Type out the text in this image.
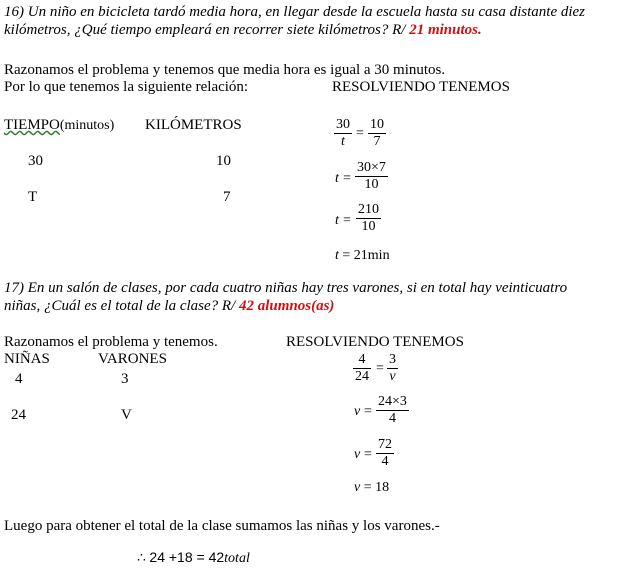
16) Un niño en bicicleta tardó media hora, en llegar desde la escuela hasta su casa distante diez
kilómetros, ¿Qué tiempo empleará en recorrer siete kilómetros? R/ 21 minutos.
Razonamos el problema y tenemos que media hora es igual a 30 minutos.
Por lo que tenemos la siguiente relación:	RESOLVIENDO TENEMOS
TIEMPO(minutos) KILÓMETROS
30	10
T	7
30
t
=
10
7
t =
30×7
10
t =
210
10
t = 21min
17) En un salón de clases, por cada cuatro niñas hay tres varones, si en total hay veinticuatro
niñas, ¿Cuál es el total de la clase? R/ 42 alumnos(as)
Razonamos el problema y tenemos.	RESOLVIENDO TENEMOS
NIÑAS	VARONES
4	3
24	V
4
24
=
3
v
v =
24×3
4
v =
72
4
v = 18
Luego para obtener el total de la clase sumamos las niñas y los varones.-
∴ 24 +18 = 42total
